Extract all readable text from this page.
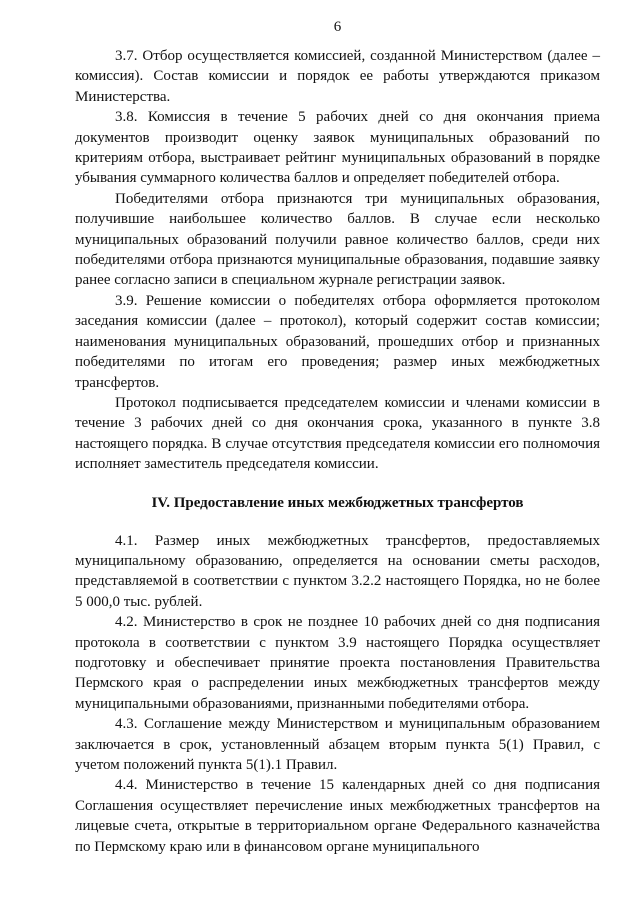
6

3.7. Отбор осуществляется комиссией, созданной Министерством (далее – комиссия). Состав комиссии и порядок ее работы утверждаются приказом Министерства.

3.8. Комиссия в течение 5 рабочих дней со дня окончания приема документов производит оценку заявок муниципальных образований по критериям отбора, выстраивает рейтинг муниципальных образований в порядке убывания суммарного количества баллов и определяет победителей отбора.

Победителями отбора признаются три муниципальных образования, получившие наибольшее количество баллов. В случае если несколько муниципальных образований получили равное количество баллов, среди них победителями отбора признаются муниципальные образования, подавшие заявку ранее согласно записи в специальном журнале регистрации заявок.

3.9. Решение комиссии о победителях отбора оформляется протоколом заседания комиссии (далее – протокол), который содержит состав комиссии; наименования муниципальных образований, прошедших отбор и признанных победителями по итогам его проведения; размер иных межбюджетных трансфертов.

Протокол подписывается председателем комиссии и членами комиссии в течение 3 рабочих дней со дня окончания срока, указанного в пункте 3.8 настоящего порядка. В случае отсутствия председателя комиссии его полномочия исполняет заместитель председателя комиссии.

IV. Предоставление иных межбюджетных трансфертов

4.1. Размер иных межбюджетных трансфертов, предоставляемых муниципальному образованию, определяется на основании сметы расходов, представляемой в соответствии с пунктом 3.2.2 настоящего Порядка, но не более 5 000,0 тыс. рублей.

4.2. Министерство в срок не позднее 10 рабочих дней со дня подписания протокола в соответствии с пунктом 3.9 настоящего Порядка осуществляет подготовку и обеспечивает принятие проекта постановления Правительства Пермского края о распределении иных межбюджетных трансфертов между муниципальными образованиями, признанными победителями отбора.

4.3. Соглашение между Министерством и муниципальным образованием заключается в срок, установленный абзацем вторым пункта 5(1) Правил, с учетом положений пункта 5(1).1 Правил.

4.4. Министерство в течение 15 календарных дней со дня подписания Соглашения осуществляет перечисление иных межбюджетных трансфертов на лицевые счета, открытые в территориальном органе Федерального казначейства по Пермскому краю или в финансовом органе муниципального
